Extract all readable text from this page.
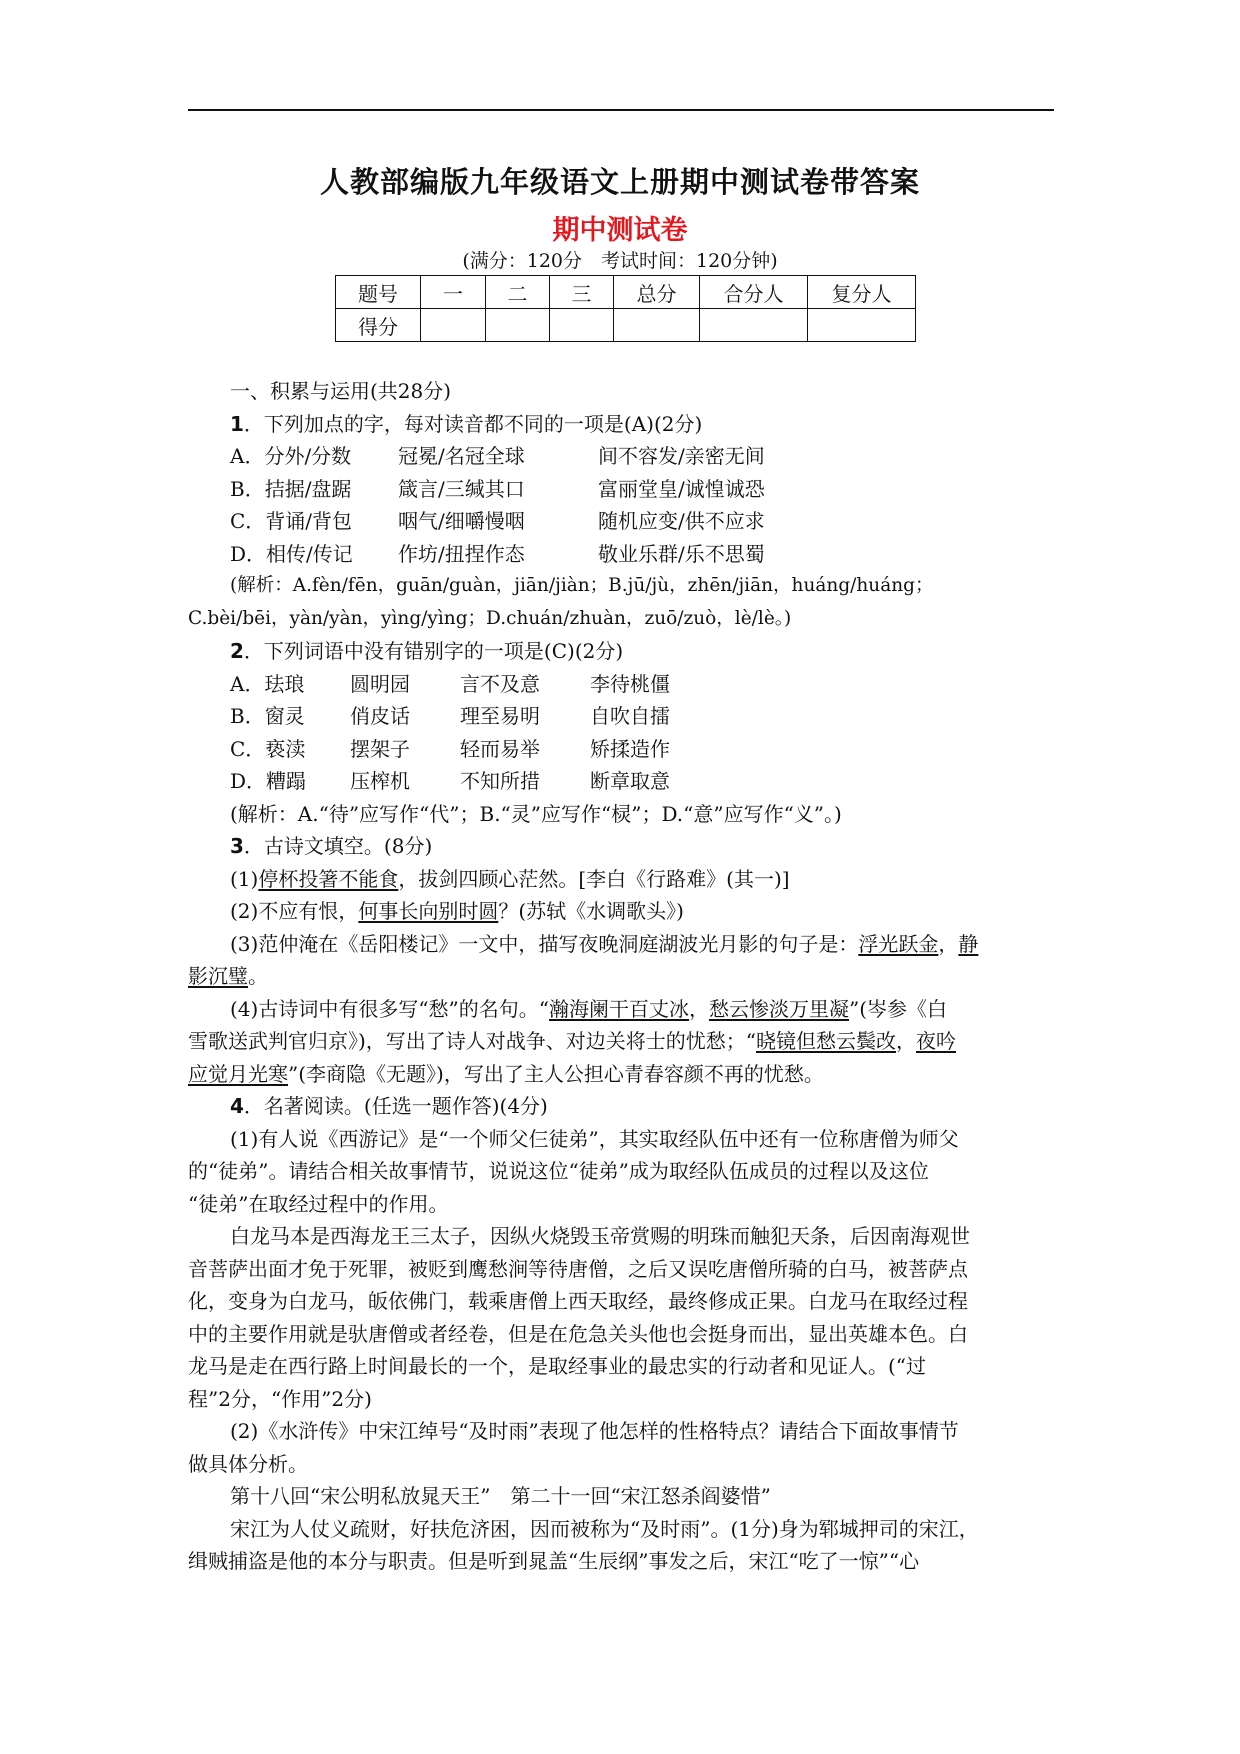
人教部编版九年级语文上册期中测试卷带答案
期中测试卷
(满分：120分　考试时间：120分钟)
题号	一	二	三	总分	合分人	复分人
得分						

一、积累与运用(共28分)

1．下列加点的字，每对读音都不同的一项是(A)(2分)

A．分外/分数 冠冕/名冠全球	间不容发/亲密无间

B．拮据/盘踞 箴言/三缄其口	富丽堂皇/诚惶诚恐

C．背诵/背包 咽气/细嚼慢咽	随机应变/供不应求

D．相传/传记 作坊/扭捏作态	敬业乐群/乐不思蜀

(解析：A.fèn/fēn，guān/guàn，jiān/jiàn；B.jū/jù，zhēn/jiān，huáng/huáng；

C.bèi/bēi，yàn/yàn，yìng/yìng；D.chuán/zhuàn，zuō/zuò，lè/lè。)

2．下列词语中没有错别字的一项是(C)(2分)

A．珐琅 圆明园	言不及意	李待桃僵

B．窗灵 俏皮话	理至易明	自吹自擂

C．亵渎 摆架子	轻而易举	矫揉造作

D．糟蹋 压榨机	不知所措	断章取意

(解析：A.“待”应写作“代”；B.“灵”应写作“棂”；D.“意”应写作“义”。)

3．古诗文填空。(8分)

(1)停杯投箸不能食，拔剑四顾心茫然。[李白《行路难》(其一)]

(2)不应有恨，何事长向别时圆？(苏轼《水调歌头》)

(3)范仲淹在《岳阳楼记》一文中，描写夜晚洞庭湖波光月影的句子是：浮光跃金，静

影沉璧。

(4)古诗词中有很多写“愁”的名句。“瀚海阑干百丈冰，愁云惨淡万里凝”(岑参《白

雪歌送武判官归京》)，写出了诗人对战争、对边关将士的忧愁；“晓镜但愁云鬓改，夜吟

应觉月光寒”(李商隐《无题》)，写出了主人公担心青春容颜不再的忧愁。

4．名著阅读。(任选一题作答)(4分)

(1)有人说《西游记》是“一个师父仨徒弟”，其实取经队伍中还有一位称唐僧为师父

的“徒弟”。请结合相关故事情节，说说这位“徒弟”成为取经队伍成员的过程以及这位

“徒弟”在取经过程中的作用。

白龙马本是西海龙王三太子，因纵火烧毁玉帝赏赐的明珠而触犯天条，后因南海观世

音菩萨出面才免于死罪，被贬到鹰愁涧等待唐僧，之后又误吃唐僧所骑的白马，被菩萨点

化，变身为白龙马，皈依佛门，载乘唐僧上西天取经，最终修成正果。白龙马在取经过程

中的主要作用就是驮唐僧或者经卷，但是在危急关头他也会挺身而出，显出英雄本色。白

龙马是走在西行路上时间最长的一个，是取经事业的最忠实的行动者和见证人。(“过

程”2分，“作用”2分)

(2)《水浒传》中宋江绰号“及时雨”表现了他怎样的性格特点？请结合下面故事情节

做具体分析。

第十八回“宋公明私放晁天王”　第二十一回“宋江怒杀阎婆惜”

宋江为人仗义疏财，好扶危济困，因而被称为“及时雨”。(1分)身为郓城押司的宋江，

缉贼捕盗是他的本分与职责。但是听到晁盖“生辰纲”事发之后，宋江“吃了一惊”“心
